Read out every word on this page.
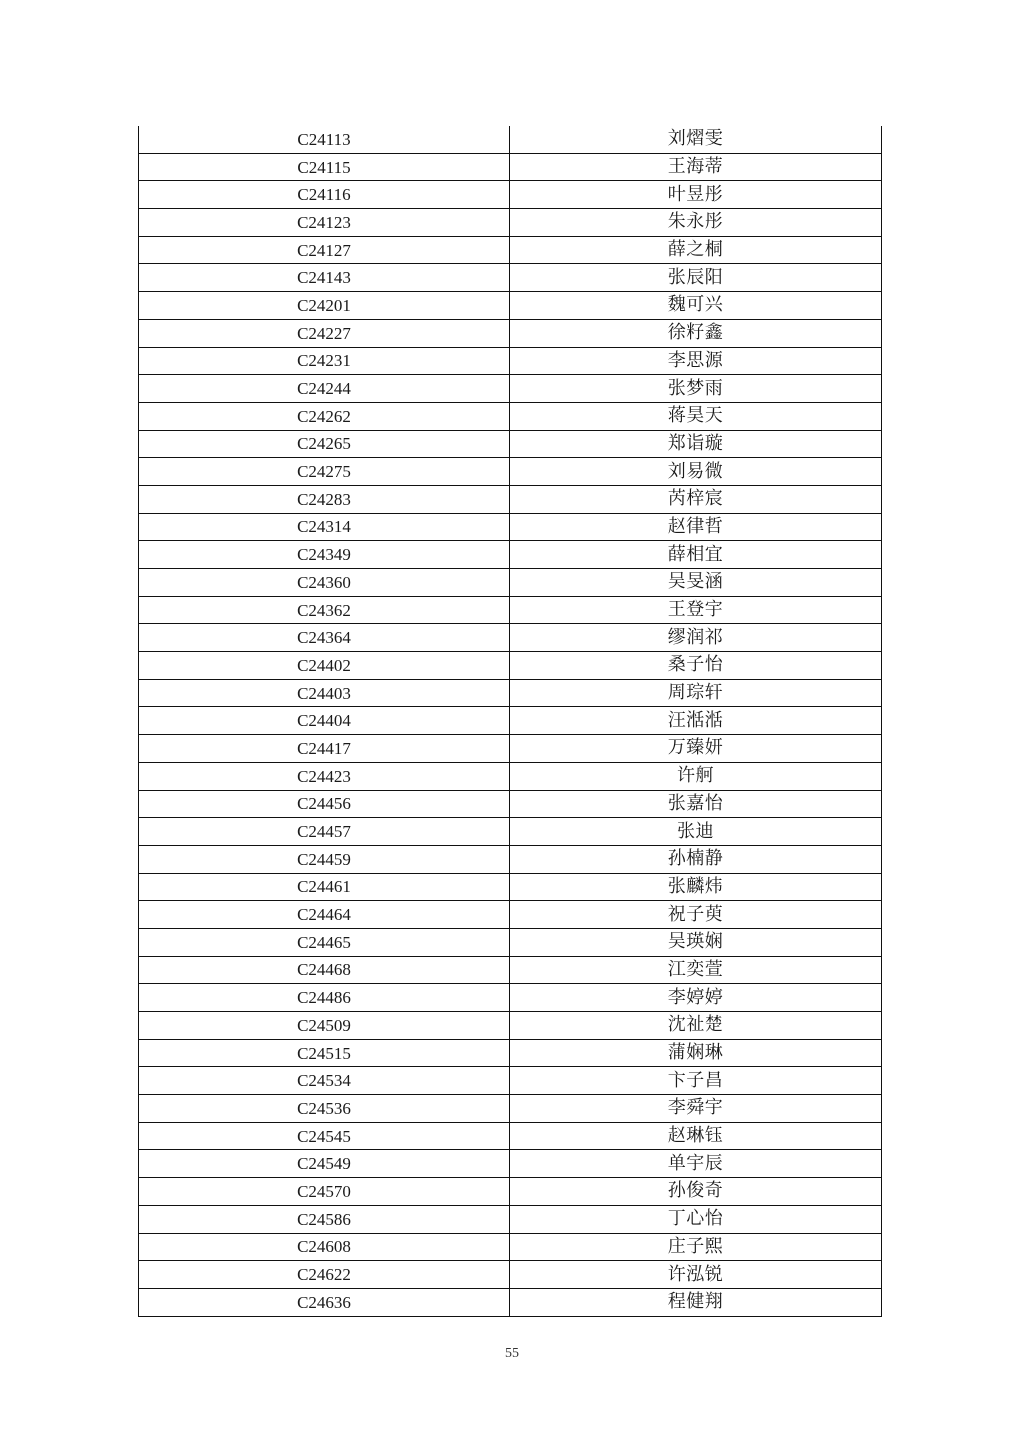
C24113	刘熠雯
C24115	王海蒂
C24116	叶昱彤
C24123	朱永彤
C24127	薛之桐
C24143	张辰阳
C24201	魏可兴
C24227	徐籽鑫
C24231	李思源
C24244	张梦雨
C24262	蒋昊天
C24265	郑诣璇
C24275	刘易微
C24283	芮梓宸
C24314	赵律哲
C24349	薛相宜
C24360	吴旻涵
C24362	王登宇
C24364	缪润祁
C24402	桑子怡
C24403	周琮轩
C24404	汪湉湉
C24417	万臻妍
C24423	许舸
C24456	张嘉怡
C24457	张迪
C24459	孙楠静
C24461	张麟炜
C24464	祝子萸
C24465	吴瑛娴
C24468	江奕萱
C24486	李婷婷
C24509	沈祉楚
C24515	蒲娴琳
C24534	卞子昌
C24536	李舜宇
C24545	赵琳钰
C24549	单宇辰
C24570	孙俊奇
C24586	丁心怡
C24608	庄子熙
C24622	许泓锐
C24636	程健翔
55
